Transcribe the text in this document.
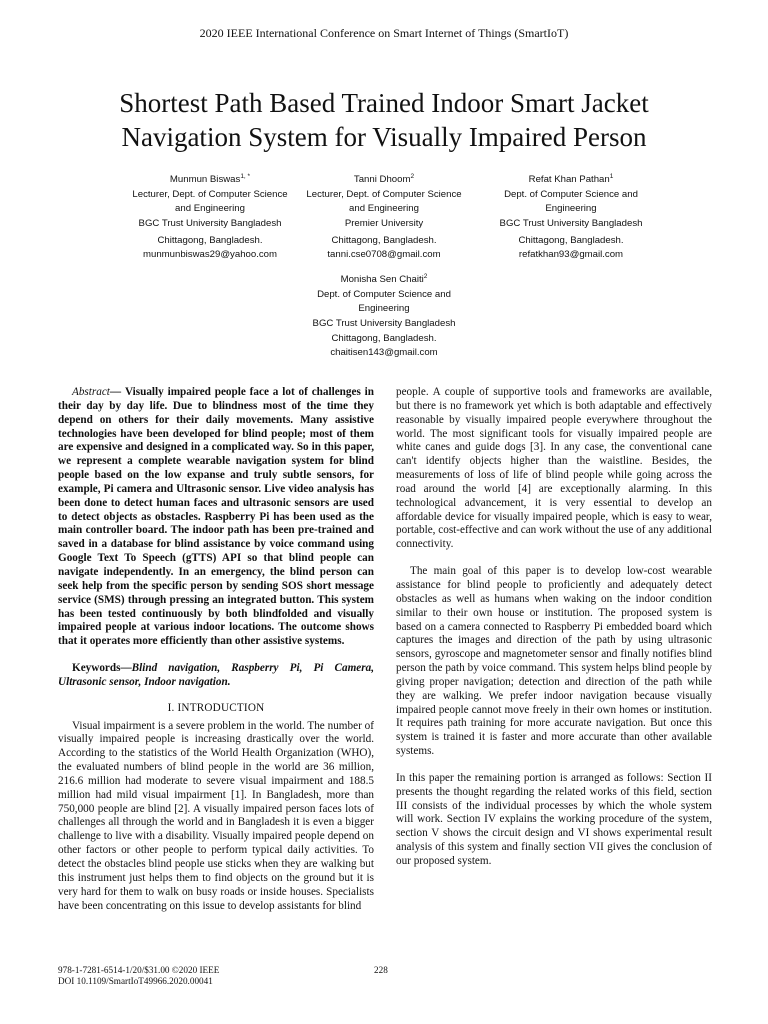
2020 IEEE International Conference on Smart Internet of Things (SmartIoT)
Shortest Path Based Trained Indoor Smart Jacket Navigation System for Visually Impaired Person
Munmun Biswas$^{1, *}$
Lecturer, Dept. of Computer Science
and Engineering
BGC Trust University Bangladesh
Chittagong, Bangladesh.
munmunbiswas29@yahoo.com
Tanni Dhoom$^2$
Lecturer, Dept. of Computer Science
and Engineering
Premier University
Chittagong, Bangladesh.
tanni.cse0708@gmail.com
Refat Khan Pathan$^1$
Dept. of Computer Science and
Engineering
BGC Trust University Bangladesh
Chittagong, Bangladesh.
refatkhan93@gmail.com
Monisha Sen Chaiti$^2$
Dept. of Computer Science and
Engineering
BGC Trust University Bangladesh
Chittagong, Bangladesh.
chaitisen143@gmail.com

Abstract— Visually impaired people face a lot of challenges in their day by day life. Due to blindness most of the time they depend on others for their daily movements. Many assistive technologies have been developed for blind people; most of them are expensive and designed in a complicated way. So in this paper, we represent a complete wearable navigation system for blind people based on the low expanse and truly subtle sensors, for example, Pi camera and Ultrasonic sensor. Live video analysis has been done to detect human faces and ultrasonic sensors are used to detect objects as obstacles. Raspberry Pi has been used as the main controller board. The indoor path has been pre-trained and saved in a database for blind assistance by voice command using Google Text To Speech (gTTS) API so that blind people can navigate independently. In an emergency, the blind person can seek help from the specific person by sending SOS short message service (SMS) through pressing an integrated button. This system has been tested continuously by both blindfolded and visually impaired people at various indoor locations. The outcome shows that it operates more efficiently than other assistive systems.

Keywords—Blind navigation, Raspberry Pi, Pi Camera, Ultrasonic sensor, Indoor navigation.

I. INTRODUCTION

Visual impairment is a severe problem in the world. The number of visually impaired people is increasing drastically over the world. According to the statistics of the World Health Organization (WHO), the evaluated numbers of blind people in the world are 36 million, 216.6 million had moderate to severe visual impairment and 188.5 million had mild visual impairment [1]. In Bangladesh, more than 750,000 people are blind [2]. A visually impaired person faces lots of challenges all through the world and in Bangladesh it is even a bigger challenge to live with a disability. Visually impaired people depend on other factors or other people to perform typical daily activities. To detect the obstacles blind people use sticks when they are walking but this instrument just helps them to find objects on the ground but it is very hard for them to walk on busy roads or inside houses. Specialists have been concentrating on this issue to develop assistants for blind

people. A couple of supportive tools and frameworks are available, but there is no framework yet which is both adaptable and effectively reasonable by visually impaired people everywhere throughout the world. The most significant tools for visually impaired people are white canes and guide dogs [3]. In any case, the conventional cane can't identify objects higher than the waistline. Besides, the measurements of loss of life of blind people while going across the road around the world [4] are exceptionally alarming. In this technological advancement, it is very essential to develop an affordable device for visually impaired people, which is easy to wear, portable, cost-effective and can work without the use of any additional connectivity.

The main goal of this paper is to develop low-cost wearable assistance for blind people to proficiently and adequately detect obstacles as well as humans when waking on the indoor condition similar to their own house or institution. The proposed system is based on a camera connected to Raspberry Pi embedded board which captures the images and direction of the path by using ultrasonic sensors, gyroscope and magnetometer sensor and finally notifies blind person the path by voice command. This system helps blind people by giving proper navigation; detection and direction of the path while they are walking. We prefer indoor navigation because visually impaired people cannot move freely in their own homes or institution. It requires path training for more accurate navigation. But once this system is trained it is faster and more accurate than other available systems.

In this paper the remaining portion is arranged as follows: Section II presents the thought regarding the related works of this field, section III consists of the individual processes by which the whole system will work. Section IV explains the working procedure of the system, section V shows the circuit design and VI shows experimental result analysis of this system and finally section VII gives the conclusion of our proposed system.

978-1-7281-6514-1/20/$31.00 ©2020 IEEE
DOI 10.1109/SmartIoT49966.2020.00041
228
